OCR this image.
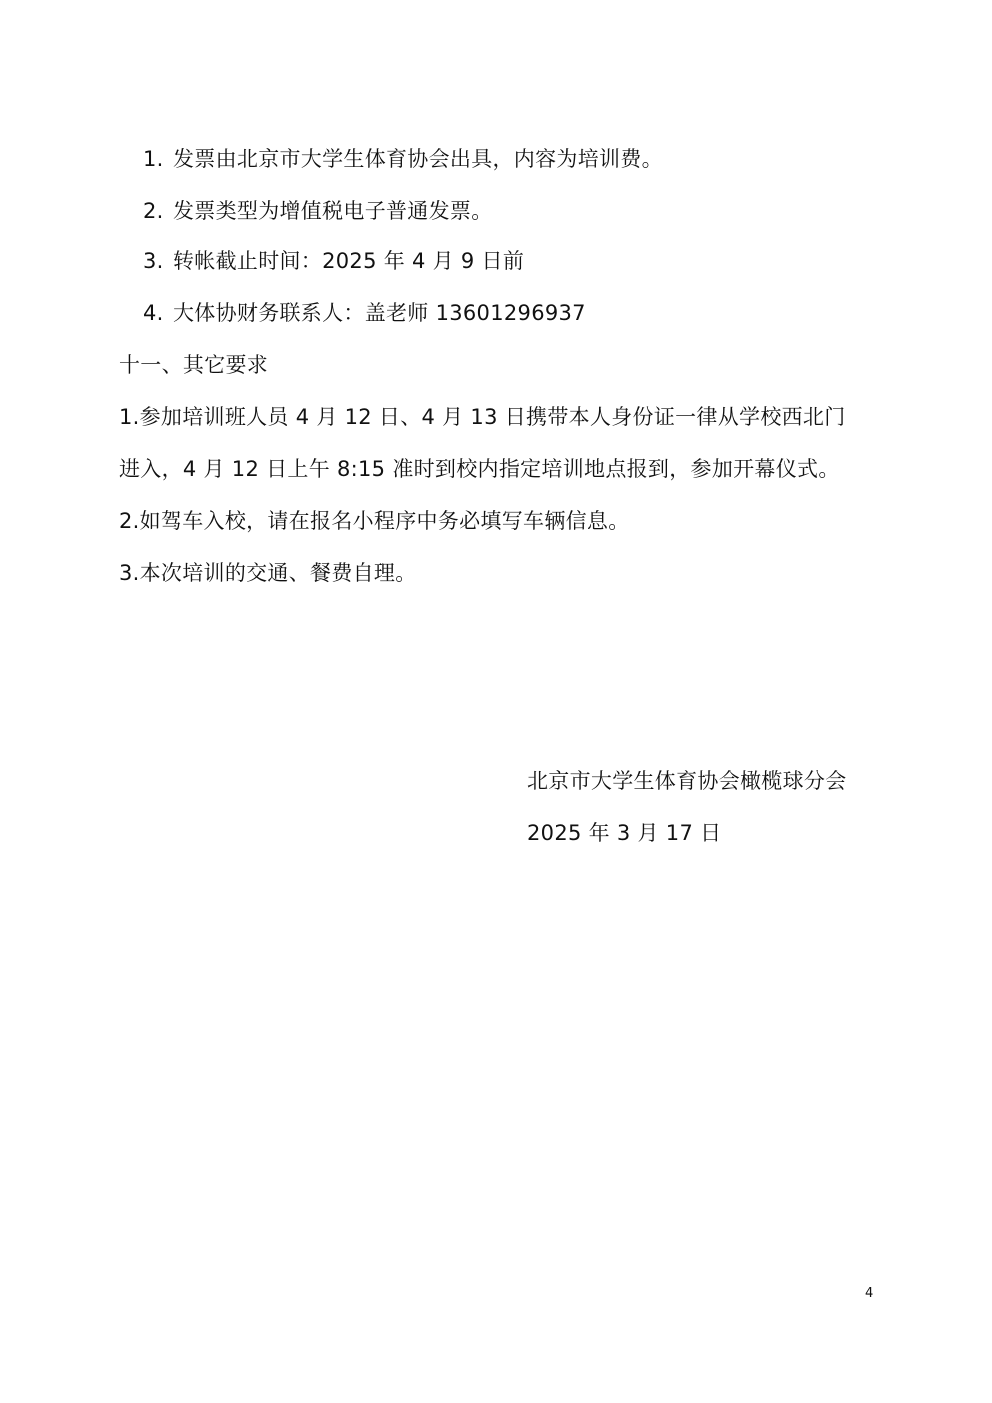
1. 发票由北京市大学生体育协会出具，内容为培训费。
2. 发票类型为增值税电子普通发票。
3. 转帐截止时间：2025 年 4 月 9 日前
4. 大体协财务联系人：盖老师 13601296937
十一、其它要求
1.参加培训班人员 4 月 12 日、4 月 13 日携带本人身份证一律从学校西北门
进入，4 月 12 日上午 8:15 准时到校内指定培训地点报到，参加开幕仪式。
2.如驾车入校，请在报名小程序中务必填写车辆信息。
3.本次培训的交通、餐费自理。
北京市大学生体育协会橄榄球分会
2025 年 3 月 17 日
4
